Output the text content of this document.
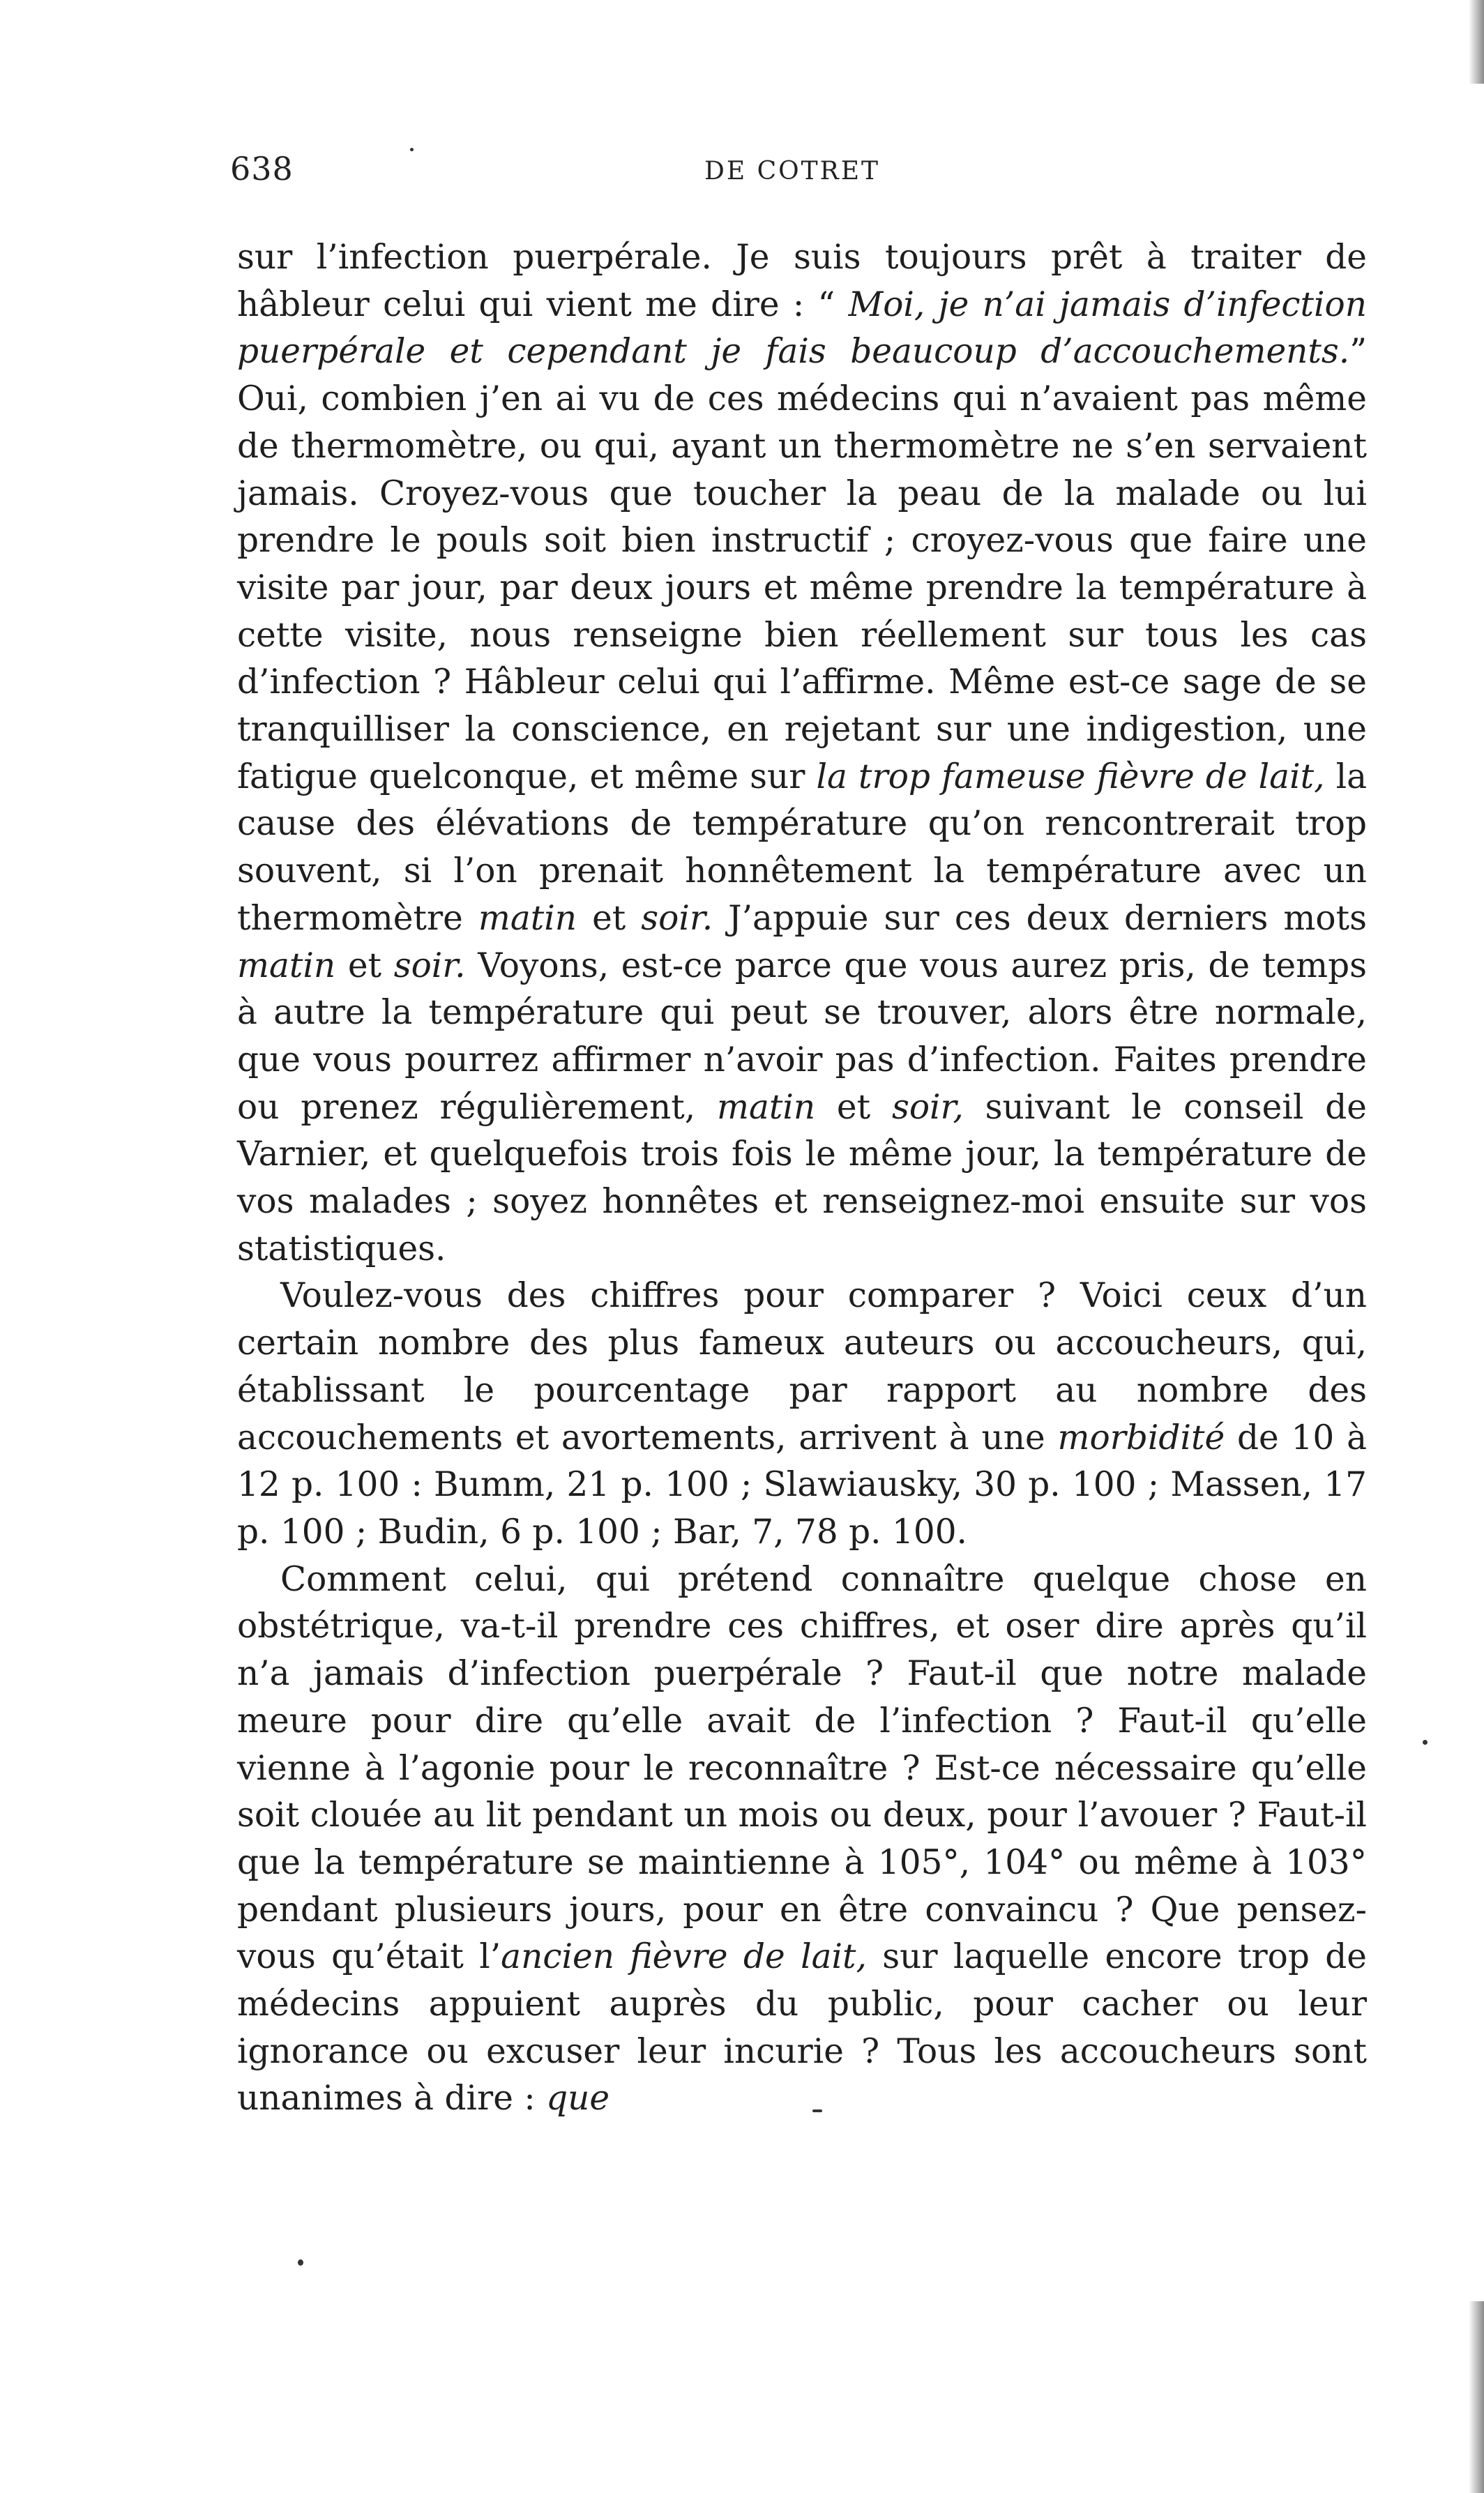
638	DE COTRET

sur l’infection puerpérale. Je suis toujours prêt à traiter de hâbleur celui qui vient me dire : “ Moi, je n’ai jamais d’infection puerpérale et cependant je fais beaucoup d’accouchements.” Oui, combien j’en ai vu de ces médecins qui n’avaient pas même de thermomètre, ou qui, ayant un thermomètre ne s’en servaient jamais. Croyez-vous que toucher la peau de la malade ou lui prendre le pouls soit bien instructif ; croyez-vous que faire une visite par jour, par deux jours et même prendre la température à cette visite, nous renseigne bien réellement sur tous les cas d’infection ? Hâbleur celui qui l’affirme. Même est-ce sage de se tranquilliser la conscience, en rejetant sur une indigestion, une fatigue quelconque, et même sur la trop fameuse fièvre de lait, la cause des élévations de température qu’on rencontrerait trop souvent, si l’on prenait honnêtement la température avec un thermomètre matin et soir. J’appuie sur ces deux derniers mots matin et soir. Voyons, est-ce parce que vous aurez pris, de temps à autre la température qui peut se trouver, alors être normale, que vous pourrez affirmer n’avoir pas d’infection. Faites prendre ou prenez régulièrement, matin et soir, suivant le conseil de Varnier, et quelquefois trois fois le même jour, la température de vos malades ; soyez honnêtes et renseignez-moi ensuite sur vos statistiques.

Voulez-vous des chiffres pour comparer ? Voici ceux d’un certain nombre des plus fameux auteurs ou accoucheurs, qui, établissant le pourcentage par rapport au nombre des accouchements et avortements, arrivent à une morbidité de 10 à 12 p. 100 : Bumm, 21 p. 100 ; Slawiausky, 30 p. 100 ; Massen, 17 p. 100 ; Budin, 6 p. 100 ; Bar, 7, 78 p. 100.

Comment celui, qui prétend connaître quelque chose en obstétrique, va-t-il prendre ces chiffres, et oser dire après qu’il n’a jamais d’infection puerpérale ? Faut-il que notre malade meure pour dire qu’elle avait de l’infection ? Faut-il qu’elle vienne à l’agonie pour le reconnaître ? Est-ce nécessaire qu’elle soit clouée au lit pendant un mois ou deux, pour l’avouer ? Faut-il que la température se maintienne à 105°, 104° ou même à 103° pendant plusieurs jours, pour en être convaincu ? Que pensez-vous qu’était l’ancien fièvre de lait, sur laquelle encore trop de médecins appuient auprès du public, pour cacher ou leur ignorance ou excuser leur incurie ? Tous les accoucheurs sont unanimes à dire : que
